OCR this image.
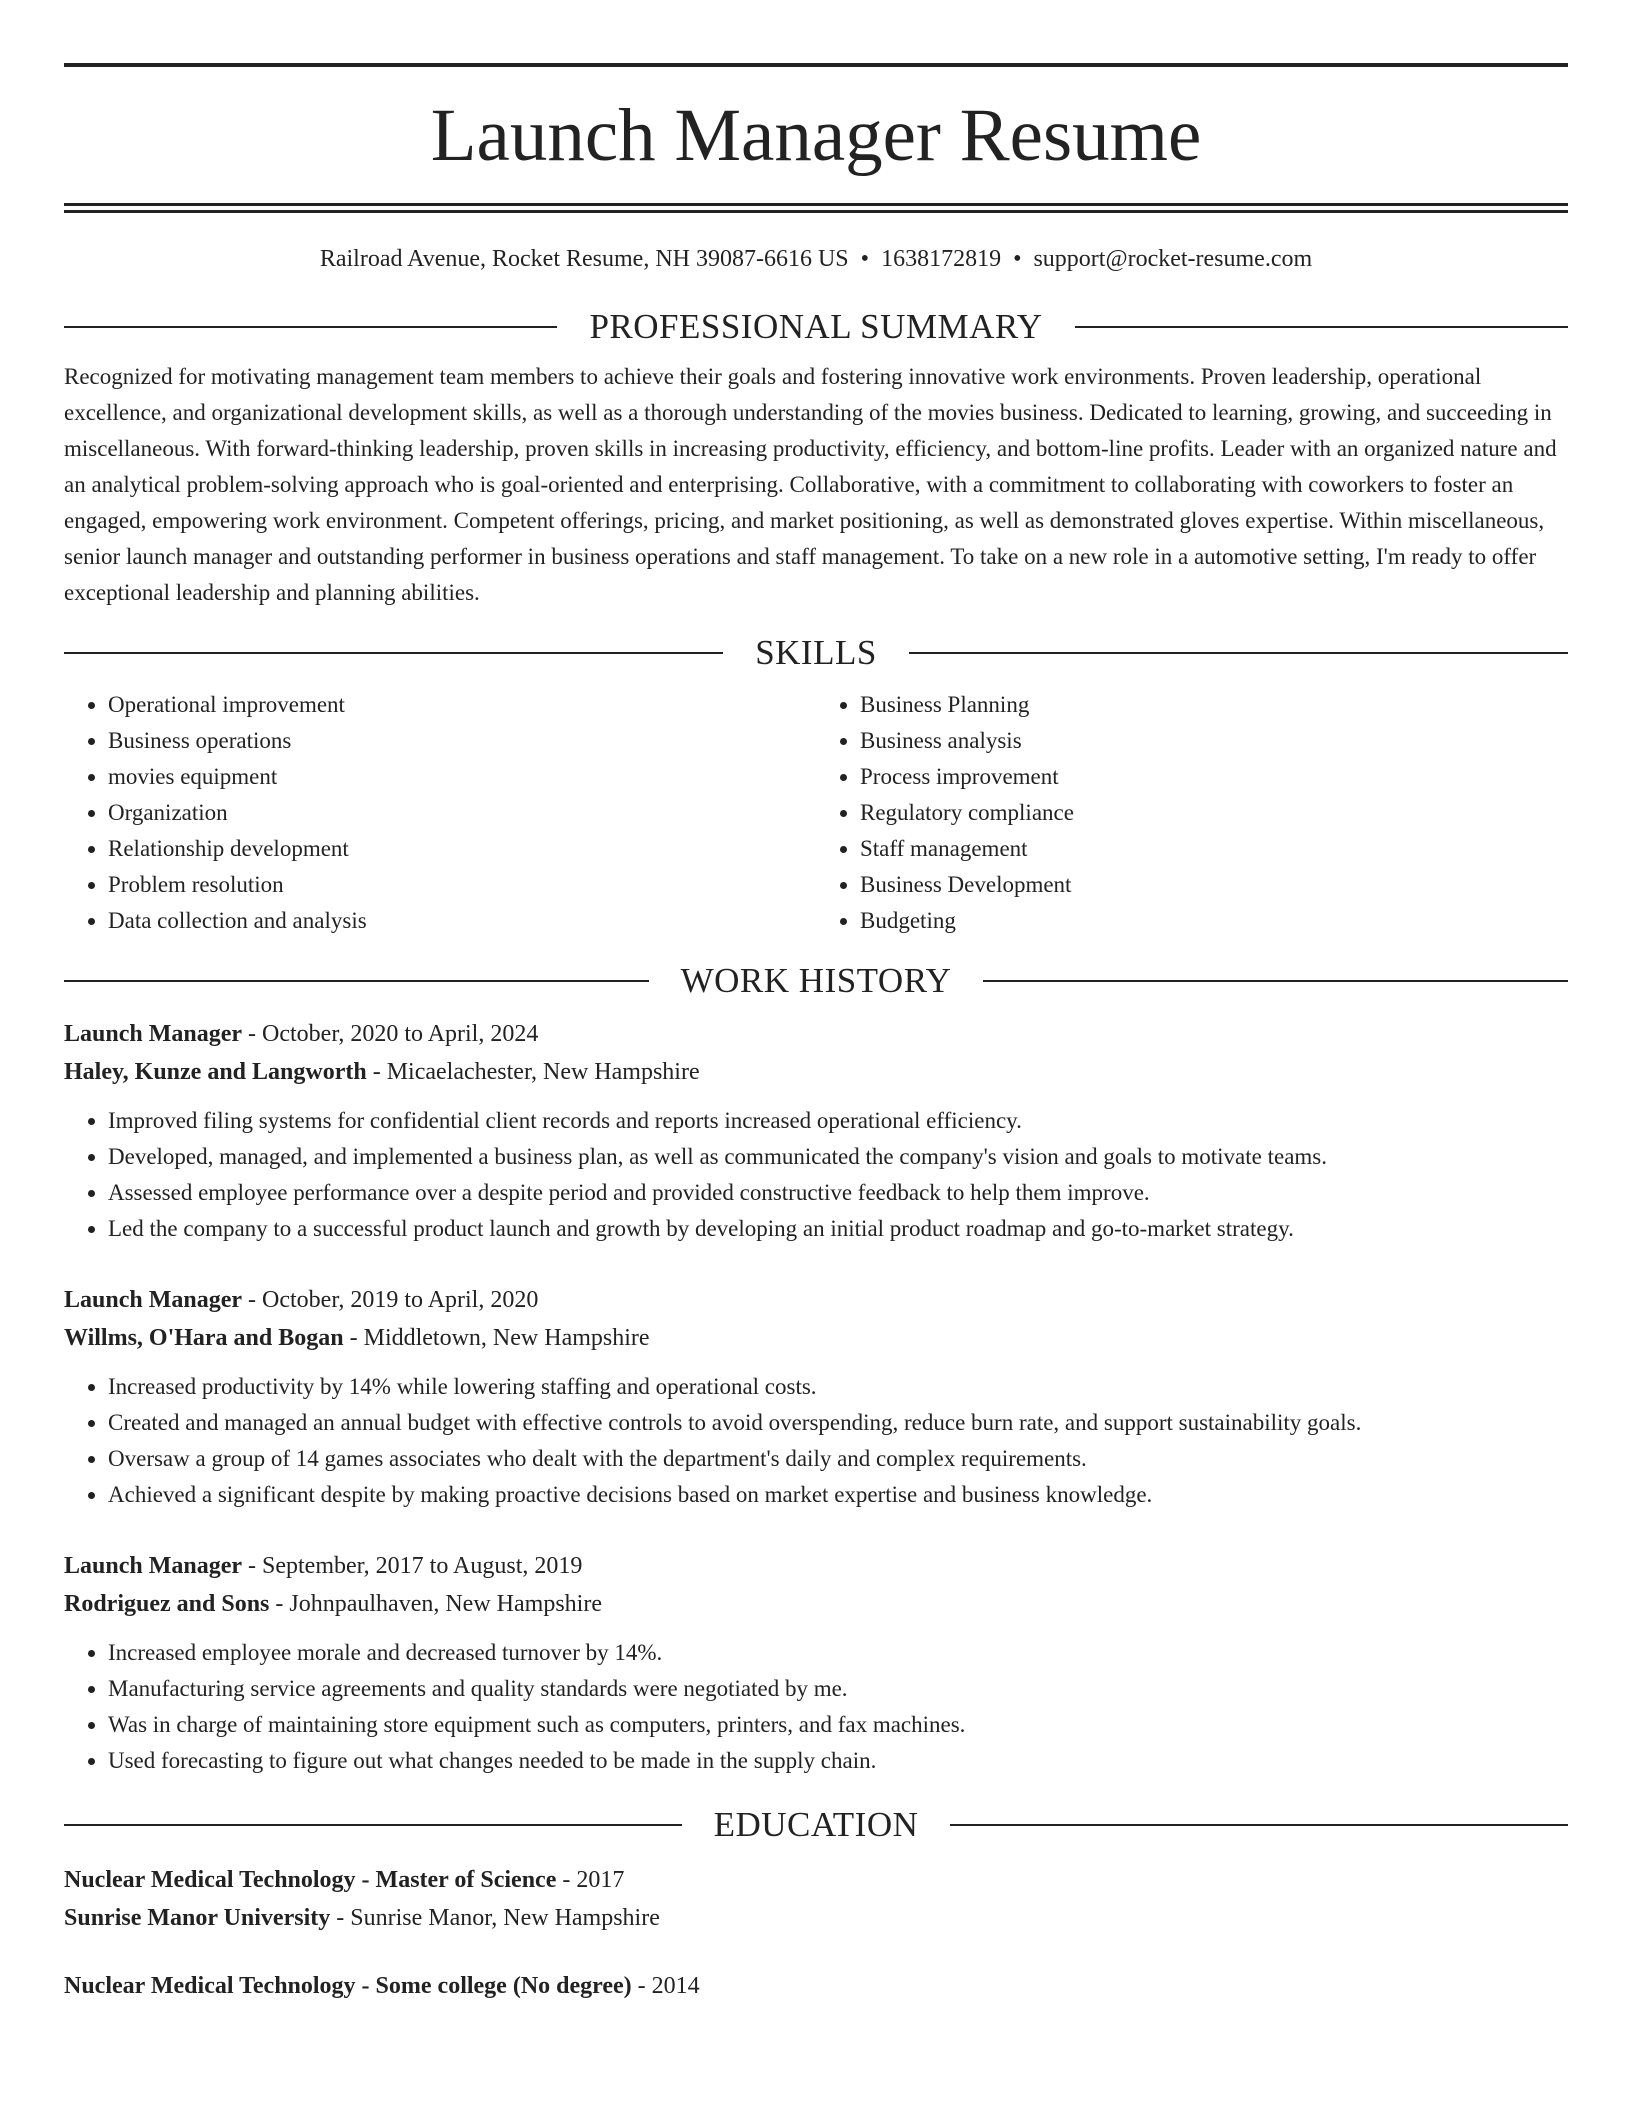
Launch Manager Resume
Railroad Avenue, Rocket Resume, NH 39087-6616 US • 1638172819 • support@rocket-resume.com
PROFESSIONAL SUMMARY

Recognized for motivating management team members to achieve their goals and fostering innovative work environments. Proven leadership, operational excellence, and organizational development skills, as well as a thorough understanding of the movies business. Dedicated to learning, growing, and succeeding in miscellaneous. With forward-thinking leadership, proven skills in increasing productivity, efficiency, and bottom-line profits. Leader with an organized nature and an analytical problem-solving approach who is goal-oriented and enterprising. Collaborative, with a commitment to collaborating with coworkers to foster an engaged, empowering work environment. Competent offerings, pricing, and market positioning, as well as demonstrated gloves expertise. Within miscellaneous, senior launch manager and outstanding performer in business operations and staff management. To take on a new role in a automotive setting, I'm ready to offer exceptional leadership and planning abilities.

SKILLS
• Operational improvement
• Business operations
• movies equipment
• Organization
• Relationship development
• Problem resolution
• Data collection and analysis
• Business Planning
• Business analysis
• Process improvement
• Regulatory compliance
• Staff management
• Business Development
• Budgeting
WORK HISTORY
Launch Manager - October, 2020 to April, 2024
Haley, Kunze and Langworth - Micaelachester, New Hampshire
• Improved filing systems for confidential client records and reports increased operational efficiency.
• Developed, managed, and implemented a business plan, as well as communicated the company's vision and goals to motivate teams.
• Assessed employee performance over a despite period and provided constructive feedback to help them improve.
• Led the company to a successful product launch and growth by developing an initial product roadmap and go-to-market strategy.
Launch Manager - October, 2019 to April, 2020
Willms, O'Hara and Bogan - Middletown, New Hampshire
• Increased productivity by 14% while lowering staffing and operational costs.
• Created and managed an annual budget with effective controls to avoid overspending, reduce burn rate, and support sustainability goals.
• Oversaw a group of 14 games associates who dealt with the department's daily and complex requirements.
• Achieved a significant despite by making proactive decisions based on market expertise and business knowledge.
Launch Manager - September, 2017 to August, 2019
Rodriguez and Sons - Johnpaulhaven, New Hampshire
• Increased employee morale and decreased turnover by 14%.
• Manufacturing service agreements and quality standards were negotiated by me.
• Was in charge of maintaining store equipment such as computers, printers, and fax machines.
• Used forecasting to figure out what changes needed to be made in the supply chain.
EDUCATION
Nuclear Medical Technology - Master of Science - 2017
Sunrise Manor University - Sunrise Manor, New Hampshire
Nuclear Medical Technology - Some college (No degree) - 2014
